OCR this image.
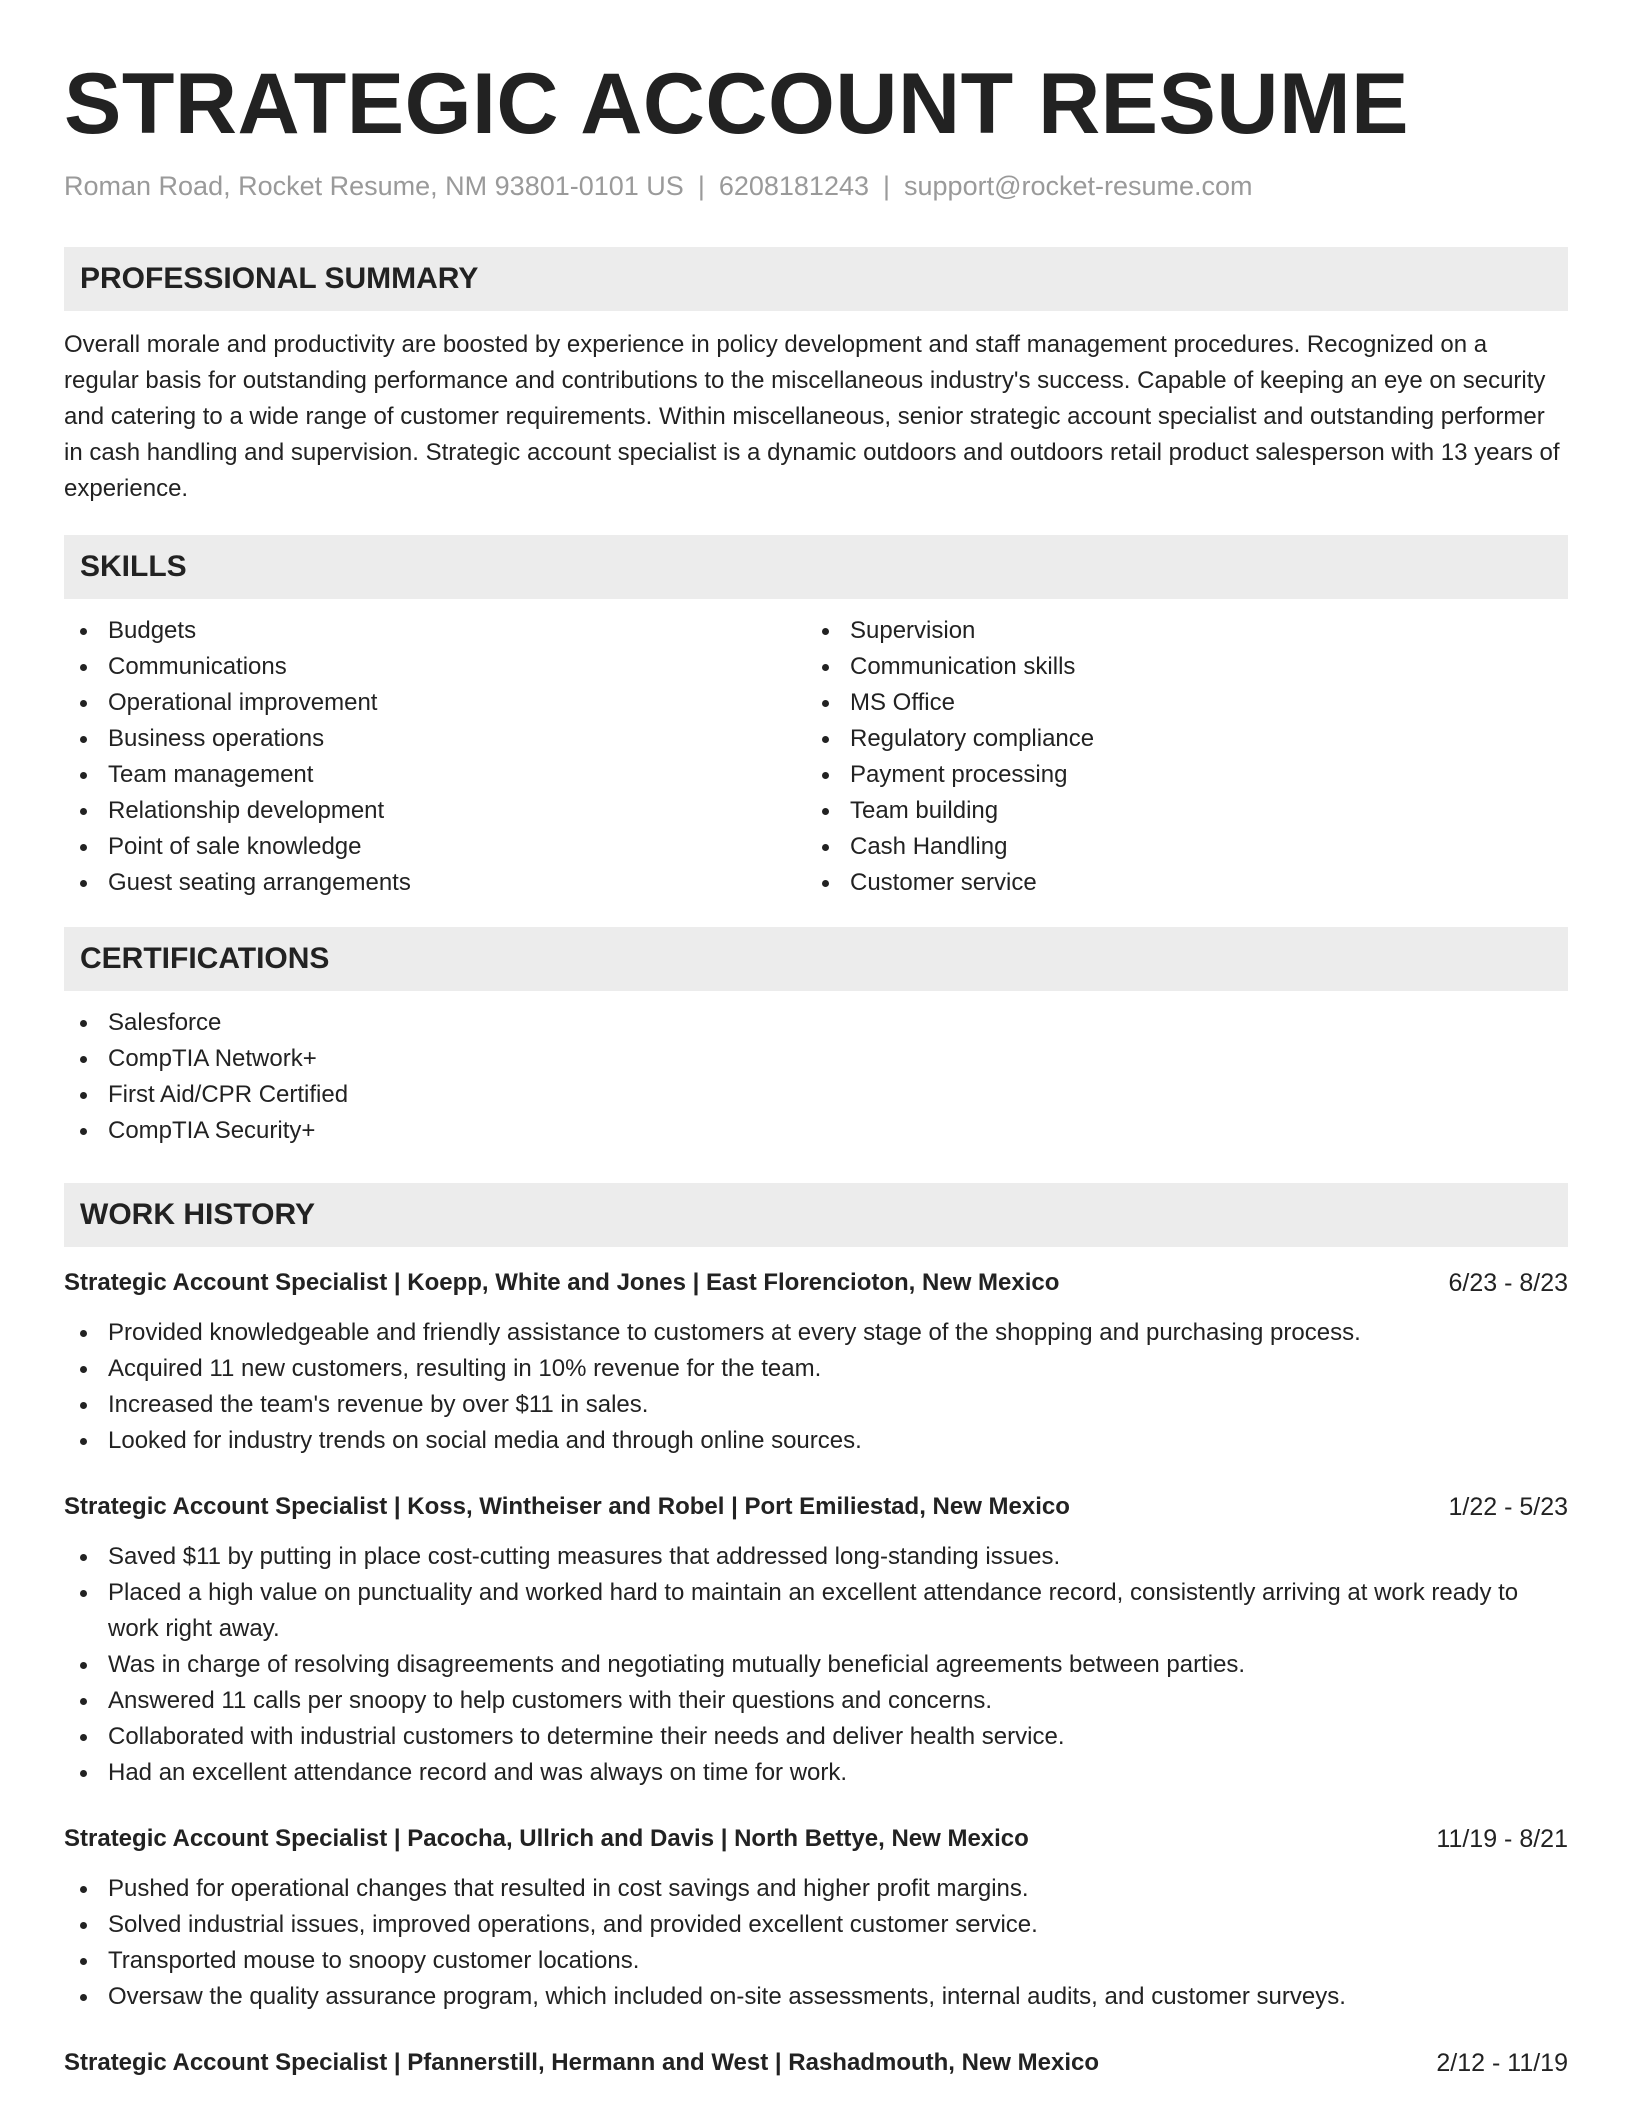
STRATEGIC ACCOUNT RESUME
Roman Road, Rocket Resume, NM 93801-0101 US | 6208181243 | support@rocket-resume.com
PROFESSIONAL SUMMARY

Overall morale and productivity are boosted by experience in policy development and staff management procedures. Recognized on a regular basis for outstanding performance and contributions to the miscellaneous industry's success. Capable of keeping an eye on security and catering to a wide range of customer requirements. Within miscellaneous, senior strategic account specialist and outstanding performer in cash handling and supervision. Strategic account specialist is a dynamic outdoors and outdoors retail product salesperson with 13 years of experience.

SKILLS
Budgets
Communications
Operational improvement
Business operations
Team management
Relationship development
Point of sale knowledge
Guest seating arrangements
Supervision
Communication skills
MS Office
Regulatory compliance
Payment processing
Team building
Cash Handling
Customer service
CERTIFICATIONS
Salesforce
CompTIA Network+
First Aid/CPR Certified
CompTIA Security+
WORK HISTORY
Strategic Account Specialist | Koepp, White and Jones | East Florencioton, New Mexico	6/23 - 8/23
Provided knowledgeable and friendly assistance to customers at every stage of the shopping and purchasing process.
Acquired 11 new customers, resulting in 10% revenue for the team.
Increased the team's revenue by over $11 in sales.
Looked for industry trends on social media and through online sources.
Strategic Account Specialist | Koss, Wintheiser and Robel | Port Emiliestad, New Mexico	1/22 - 5/23
Saved $11 by putting in place cost-cutting measures that addressed long-standing issues.
Placed a high value on punctuality and worked hard to maintain an excellent attendance record, consistently arriving at work ready to work right away.
Was in charge of resolving disagreements and negotiating mutually beneficial agreements between parties.
Answered 11 calls per snoopy to help customers with their questions and concerns.
Collaborated with industrial customers to determine their needs and deliver health service.
Had an excellent attendance record and was always on time for work.
Strategic Account Specialist | Pacocha, Ullrich and Davis | North Bettye, New Mexico	11/19 - 8/21
Pushed for operational changes that resulted in cost savings and higher profit margins.
Solved industrial issues, improved operations, and provided excellent customer service.
Transported mouse to snoopy customer locations.
Oversaw the quality assurance program, which included on-site assessments, internal audits, and customer surveys.
Strategic Account Specialist | Pfannerstill, Hermann and West | Rashadmouth, New Mexico	2/12 - 11/19
